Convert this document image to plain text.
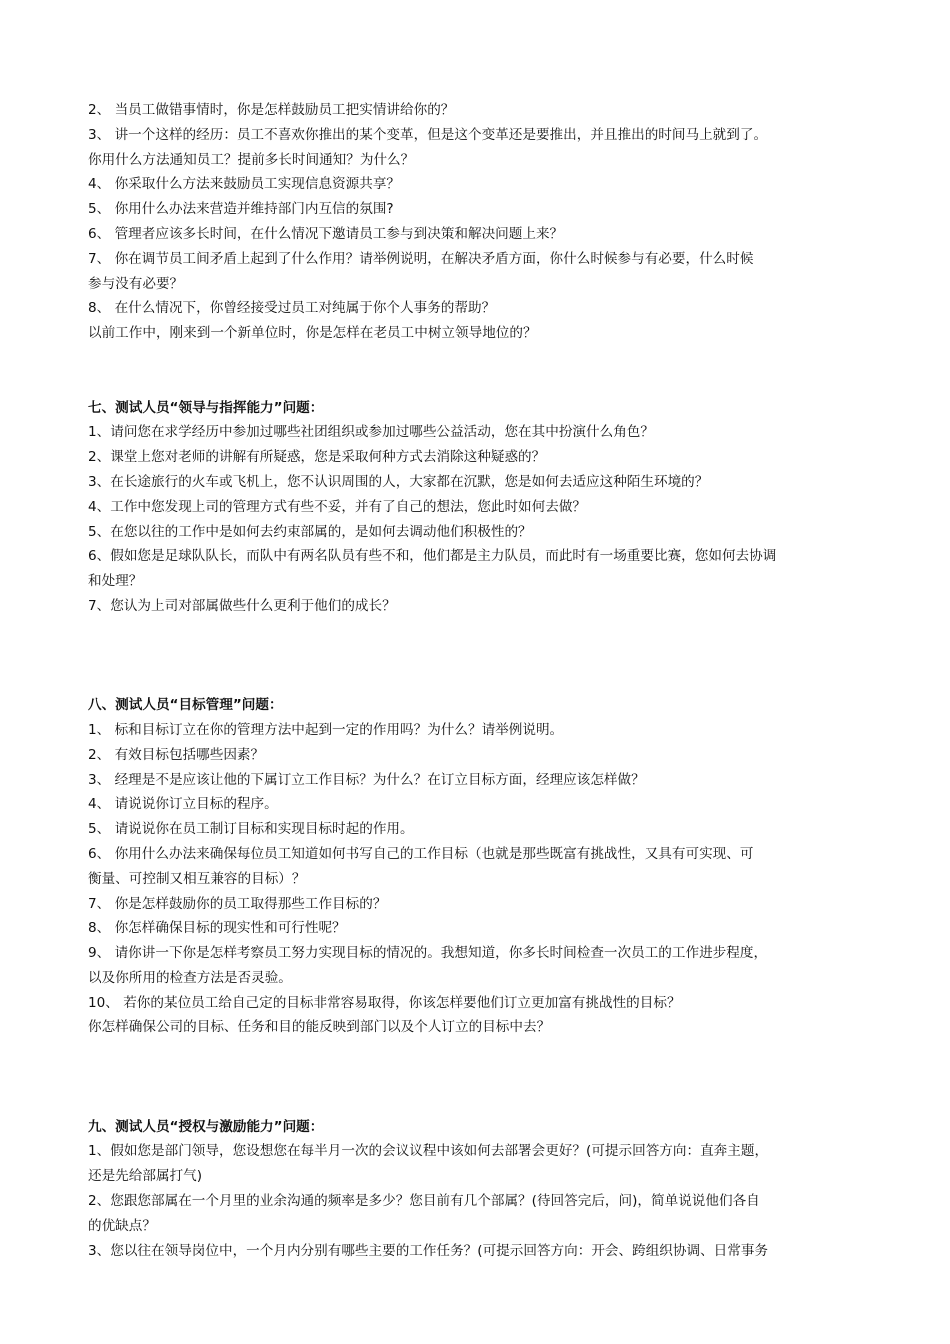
2、 当员工做错事情时，你是怎样鼓励员工把实情讲给你的？
3、 讲一个这样的经历：员工不喜欢你推出的某个变革，但是这个变革还是要推出，并且推出的时间马上就到了。
你用什么方法通知员工？提前多长时间通知？为什么？
4、 你采取什么方法来鼓励员工实现信息资源共享？
5、 你用什么办法来营造并维持部门内互信的氛围?
6、 管理者应该多长时间，在什么情况下邀请员工参与到决策和解决问题上来？
7、 你在调节员工间矛盾上起到了什么作用？请举例说明，在解决矛盾方面，你什么时候参与有必要，什么时候
参与没有必要？
8、 在什么情况下，你曾经接受过员工对纯属于你个人事务的帮助？
以前工作中，刚来到一个新单位时，你是怎样在老员工中树立领导地位的？
七、测试人员“领导与指挥能力”问题：
1、请问您在求学经历中参加过哪些社团组织或参加过哪些公益活动，您在其中扮演什么角色？
2、课堂上您对老师的讲解有所疑惑，您是采取何种方式去消除这种疑惑的？
3、在长途旅行的火车或飞机上，您不认识周围的人，大家都在沉默，您是如何去适应这种陌生环境的？
4、工作中您发现上司的管理方式有些不妥，并有了自己的想法，您此时如何去做？
5、在您以往的工作中是如何去约束部属的，是如何去调动他们积极性的？
6、假如您是足球队队长，而队中有两名队员有些不和，他们都是主力队员，而此时有一场重要比赛，您如何去协调
和处理？
7、您认为上司对部属做些什么更利于他们的成长？
八、测试人员“目标管理”问题：
1、 标和目标订立在你的管理方法中起到一定的作用吗？为什么？请举例说明。
2、 有效目标包括哪些因素？
3、 经理是不是应该让他的下属订立工作目标？为什么？在订立目标方面，经理应该怎样做？
4、 请说说你订立目标的程序。
5、 请说说你在员工制订目标和实现目标时起的作用。
6、 你用什么办法来确保每位员工知道如何书写自己的工作目标（也就是那些既富有挑战性，又具有可实现、可
衡量、可控制又相互兼容的目标）？
7、 你是怎样鼓励你的员工取得那些工作目标的？
8、 你怎样确保目标的现实性和可行性呢？
9、 请你讲一下你是怎样考察员工努力实现目标的情况的。我想知道，你多长时间检查一次员工的工作进步程度，
以及你所用的检查方法是否灵验。
10、 若你的某位员工给自己定的目标非常容易取得，你该怎样要他们订立更加富有挑战性的目标？
你怎样确保公司的目标、任务和目的能反映到部门以及个人订立的目标中去？
九、测试人员“授权与激励能力”问题：
1、假如您是部门领导，您设想您在每半月一次的会议议程中该如何去部署会更好？(可提示回答方向：直奔主题，
还是先给部属打气)
2、您跟您部属在一个月里的业余沟通的频率是多少？您目前有几个部属？(待回答完后，问)，简单说说他们各自
的优缺点？
3、您以往在领导岗位中，一个月内分别有哪些主要的工作任务？(可提示回答方向：开会、跨组织协调、日常事务
